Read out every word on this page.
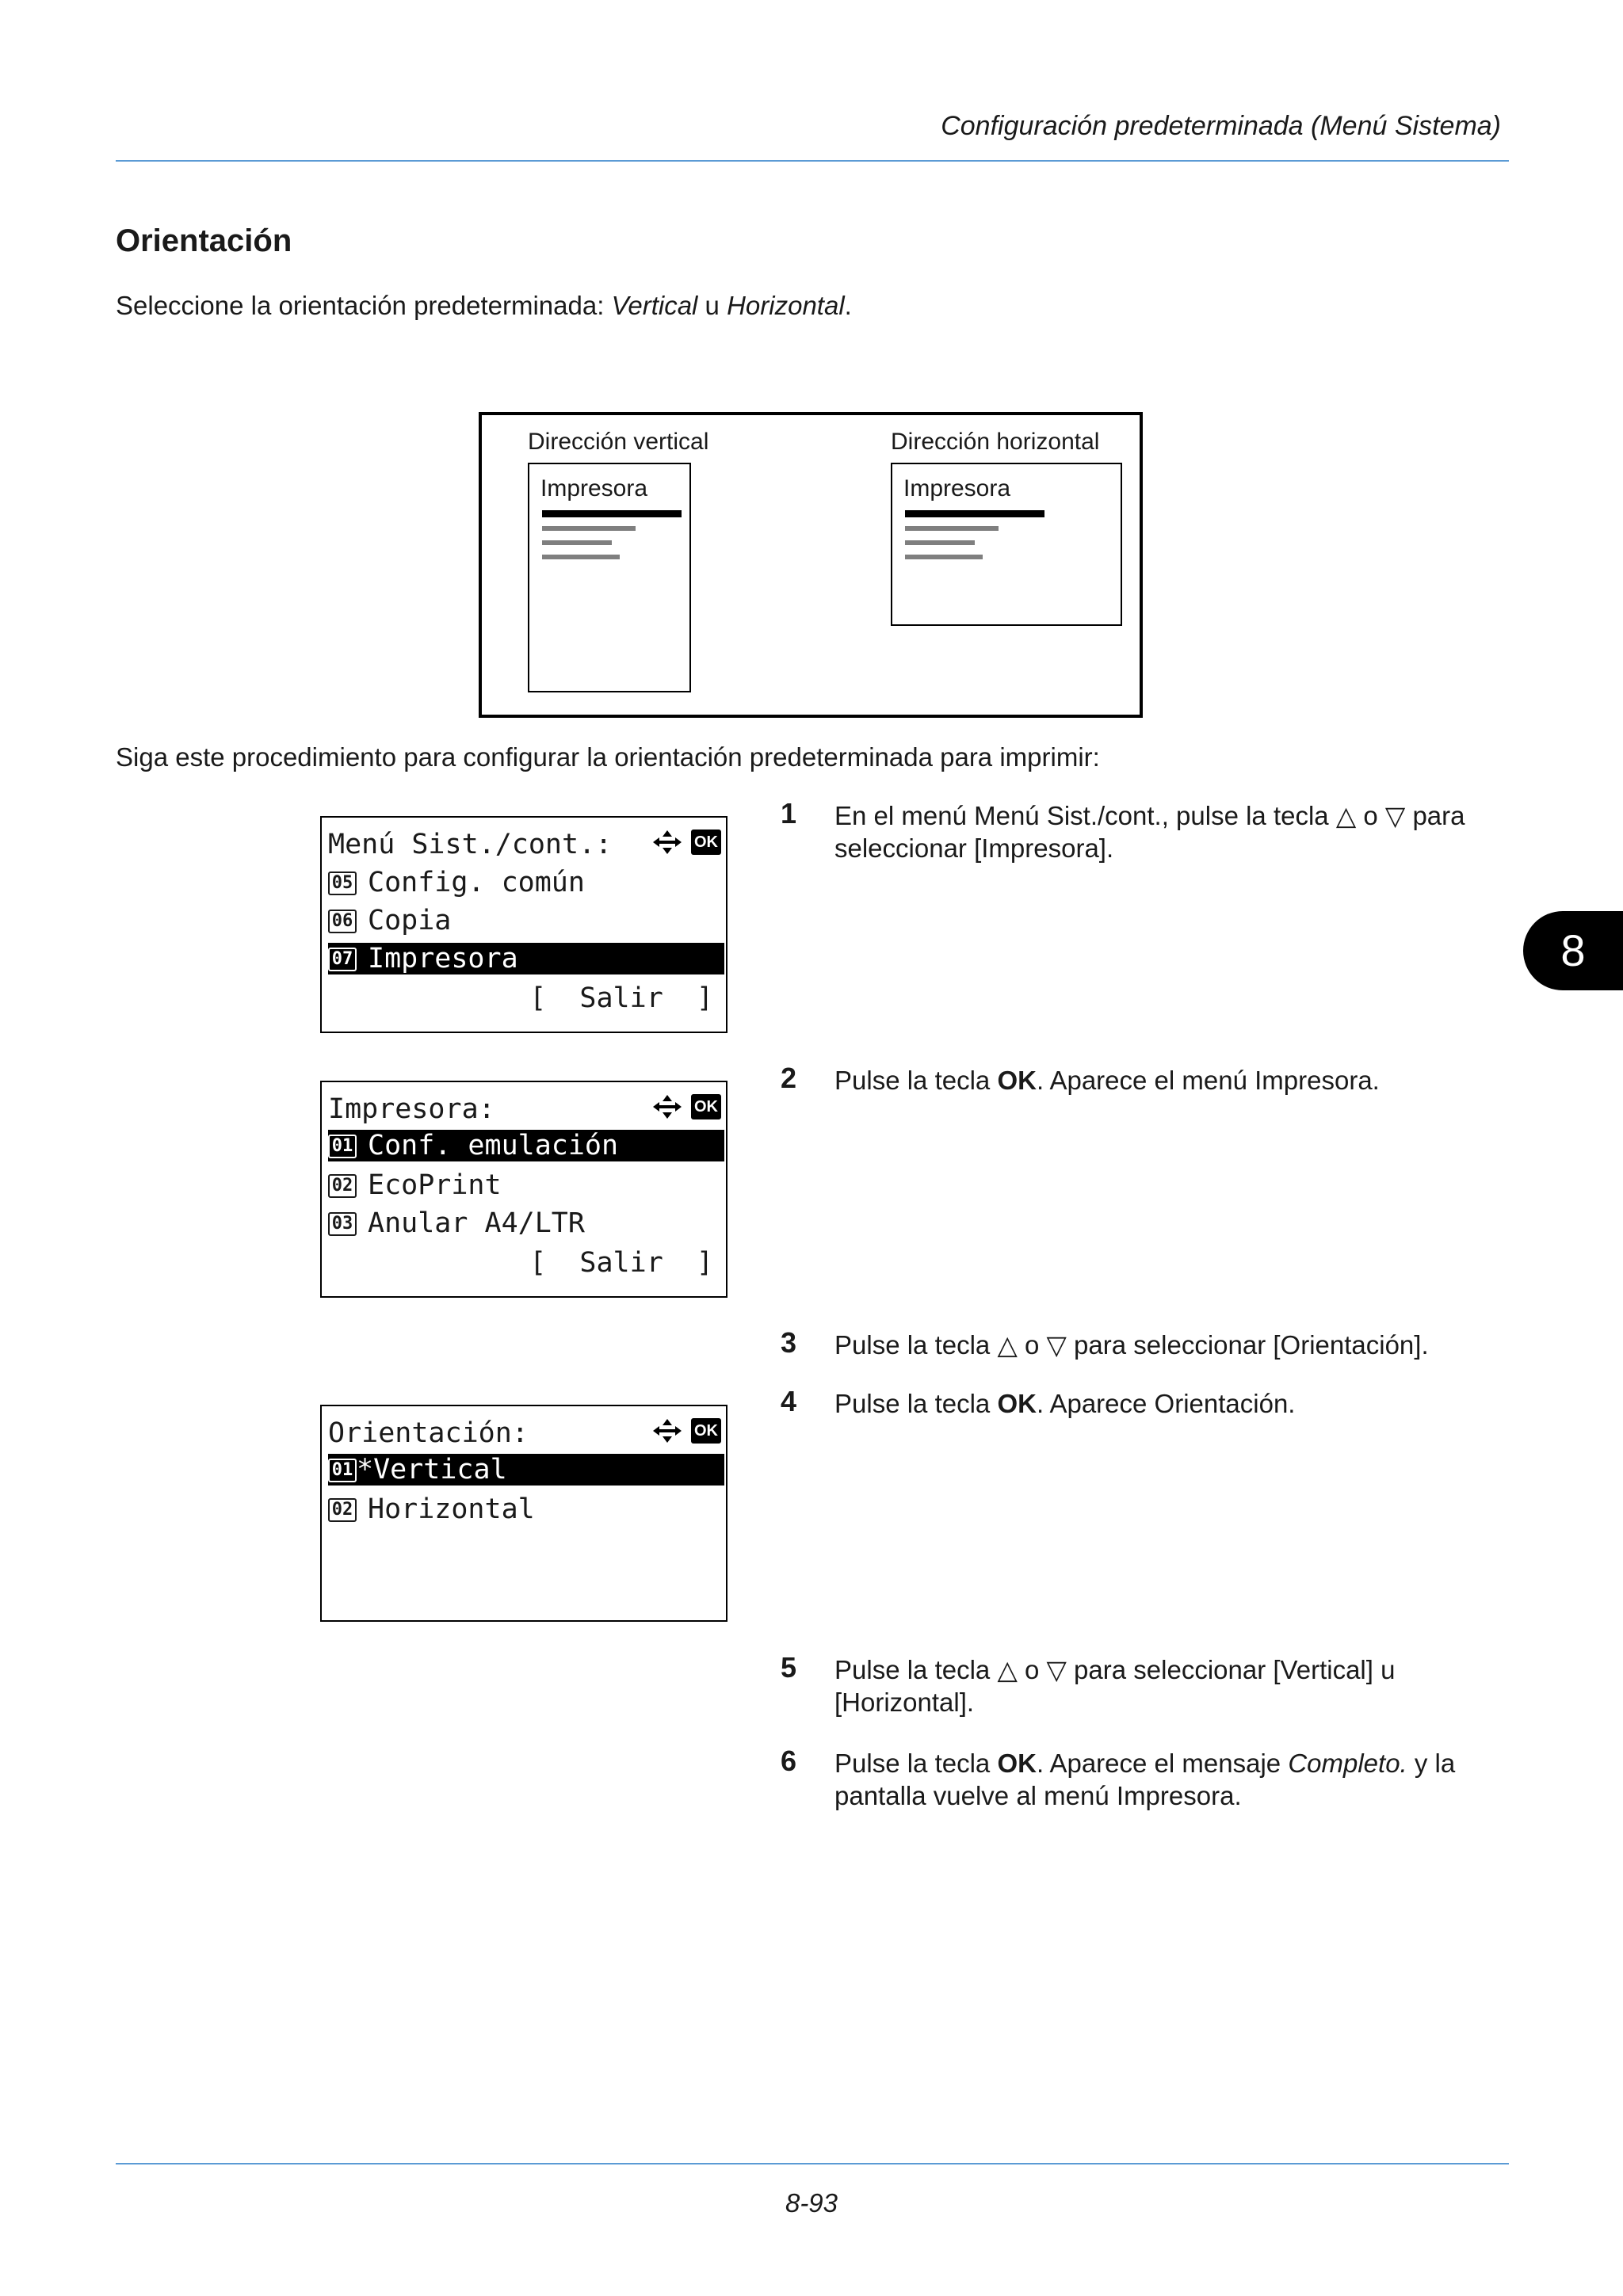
Configuración predeterminada (Menú Sistema)
Orientación
Seleccione la orientación predeterminada: Vertical u Horizontal.
Dirección vertical	Dirección horizontal
Impresora	Impresora
Siga este procedimiento para configurar la orientación predeterminada para imprimir:
Menú Sist./cont.:	OK
05 Config. común
06 Copia
07 Impresora
[  Salir  ]
Impresora:	OK
01 Conf. emulación
02 EcoPrint
03 Anular A4/LTR
[  Salir  ]
Orientación:	OK
01 *Vertical
02 Horizontal
1 En el menú Menú Sist./cont., pulse la tecla △ o ▽ para
seleccionar [Impresora].
2 Pulse la tecla OK. Aparece el menú Impresora.
3 Pulse la tecla △ o ▽ para seleccionar [Orientación].
4 Pulse la tecla OK. Aparece Orientación.
5 Pulse la tecla △ o ▽ para seleccionar [Vertical] u
[Horizontal].
6 Pulse la tecla OK. Aparece el mensaje Completo. y la
pantalla vuelve al menú Impresora.
8
8-93
